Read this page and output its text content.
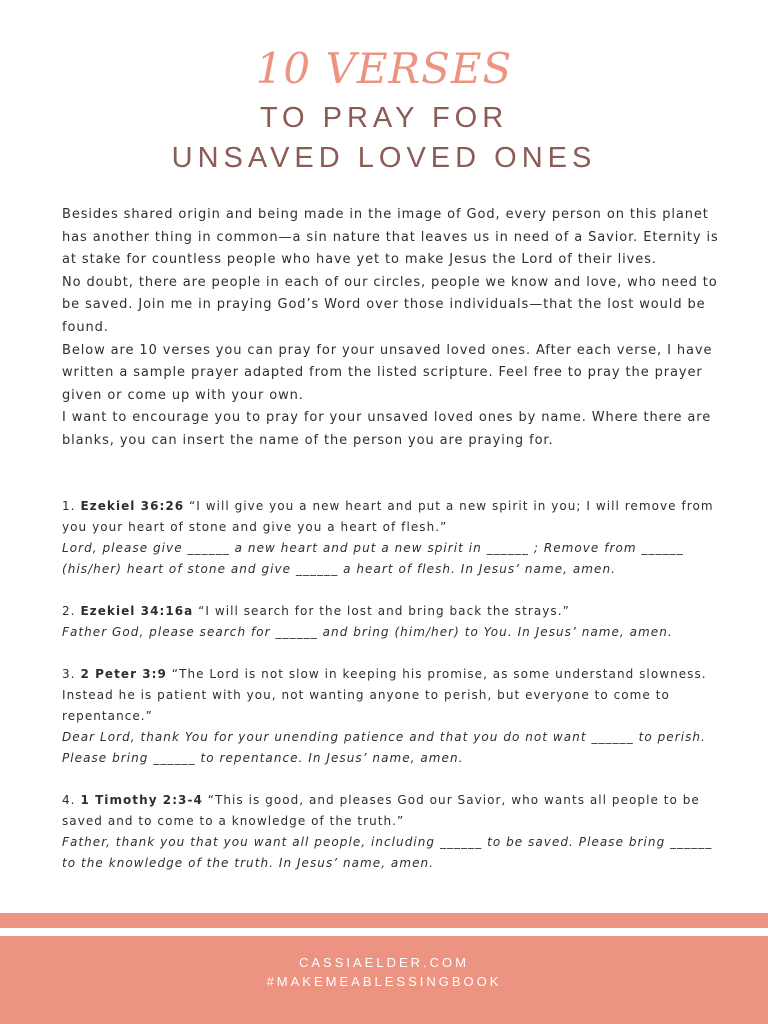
10 VERSES
TO PRAY FOR
UNSAVED LOVED ONES

Besides shared origin and being made in the image of God, every person on this planet has another thing in common—a sin nature that leaves us in need of a Savior. Eternity is at stake for countless people who have yet to make Jesus the Lord of their lives.

No doubt, there are people in each of our circles, people we know and love, who need to be saved. Join me in praying God’s Word over those individuals—that the lost would be found.

Below are 10 verses you can pray for your unsaved loved ones. After each verse, I have written a sample prayer adapted from the listed scripture. Feel free to pray the prayer given or come up with your own.

I want to encourage you to pray for your unsaved loved ones by name. Where there are blanks, you can insert the name of the person you are praying for.

1. Ezekiel 36:26 “I will give you a new heart and put a new spirit in you; I will remove from you your heart of stone and give you a heart of flesh.”

Lord, please give ______ a new heart and put a new spirit in ______ ; Remove from ______ (his/her) heart of stone and give ______ a heart of flesh. In Jesus’ name, amen.

2. Ezekiel 34:16a “I will search for the lost and bring back the strays.”

Father God, please search for ______ and bring (him/her) to You. In Jesus’ name, amen.

3. 2 Peter 3:9 “The Lord is not slow in keeping his promise, as some understand slowness. Instead he is patient with you, not wanting anyone to perish, but everyone to come to repentance.”

Dear Lord, thank You for your unending patience and that you do not want ______ to perish. Please bring ______ to repentance. In Jesus’ name, amen.

4. 1 Timothy 2:3-4 “This is good, and pleases God our Savior, who wants all people to be saved and to come to a knowledge of the truth.”

Father, thank you that you want all people, including ______ to be saved. Please bring ______ to the knowledge of the truth. In Jesus’ name, amen.

CASSIAELDER.COM
#MAKEMEABLESSINGBOOK
